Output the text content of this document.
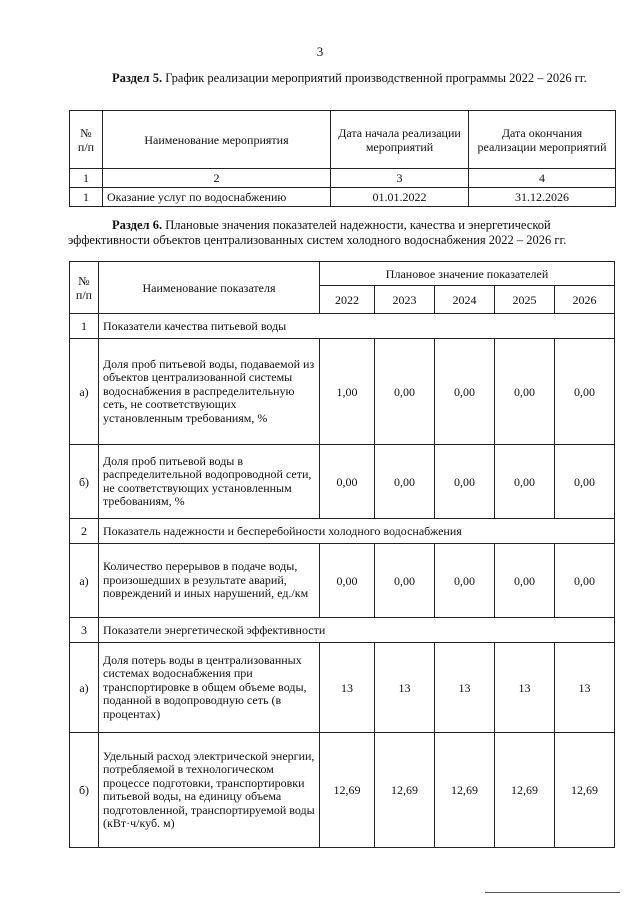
3
Раздел 5. График реализации мероприятий производственной программы 2022 – 2026 гг.
№ п/п	Наименование мероприятия	Дата начала реализации мероприятий	Дата окончания реализации мероприятий
1	2	3	4
1	Оказание услуг по водоснабжению	01.01.2022	31.12.2026
Раздел 6. Плановые значения показателей надежности, качества и энергетической эффективности объектов централизованных систем холодного водоснабжения 2022 – 2026 гг.
№ п/п	Наименование показателя	Плановое значение показателей				
		2022	2023	2024	2025	2026
1	Показатели качества питьевой воды					
а)	Доля проб питьевой воды, подаваемой из объектов централизованной системы водоснабжения в распределительную сеть, не соответствующих установленным требованиям, %	1,00	0,00	0,00	0,00	0,00
б)	Доля проб питьевой воды в распределительной водопроводной сети, не соответствующих установленным требованиям, %	0,00	0,00	0,00	0,00	0,00
2	Показатель надежности и бесперебойности холодного водоснабжения					
а)	Количество перерывов в подаче воды, произошедших в результате аварий, повреждений и иных нарушений, ед./км	0,00	0,00	0,00	0,00	0,00
3	Показатели энергетической эффективности					
а)	Доля потерь воды в централизованных системах водоснабжения при транспортировке в общем объеме воды, поданной в водопроводную сеть (в процентах)	13	13	13	13	13
б)	Удельный расход электрической энергии, потребляемой в технологическом процессе подготовки, транспортировки питьевой воды, на единицу объема подготовленной, транспортируемой воды (кВт·ч/куб. м)	12,69	12,69	12,69	12,69	12,69
